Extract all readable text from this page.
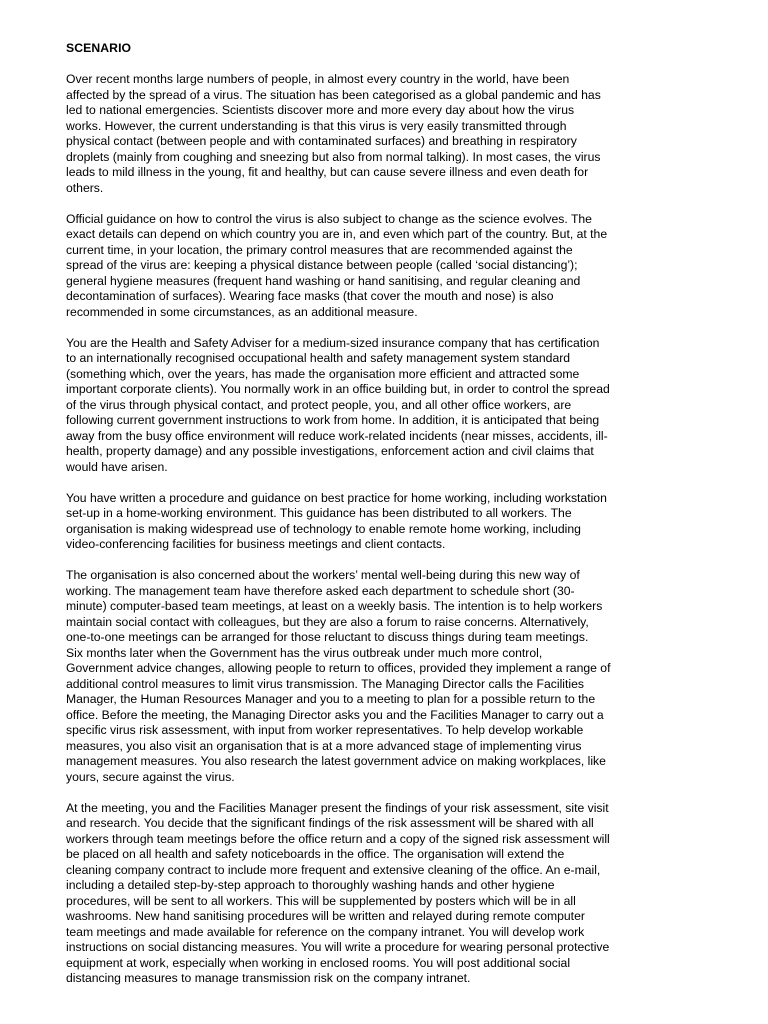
SCENARIO
Over recent months large numbers of people, in almost every country in the world, have been
affected by the spread of a virus. The situation has been categorised as a global pandemic and has
led to national emergencies. Scientists discover more and more every day about how the virus
works. However, the current understanding is that this virus is very easily transmitted through
physical contact (between people and with contaminated surfaces) and breathing in respiratory
droplets (mainly from coughing and sneezing but also from normal talking). In most cases, the virus
leads to mild illness in the young, fit and healthy, but can cause severe illness and even death for
others.
Official guidance on how to control the virus is also subject to change as the science evolves. The
exact details can depend on which country you are in, and even which part of the country. But, at the
current time, in your location, the primary control measures that are recommended against the
spread of the virus are: keeping a physical distance between people (called ‘social distancing’);
general hygiene measures (frequent hand washing or hand sanitising, and regular cleaning and
decontamination of surfaces). Wearing face masks (that cover the mouth and nose) is also
recommended in some circumstances, as an additional measure.
You are the Health and Safety Adviser for a medium-sized insurance company that has certification
to an internationally recognised occupational health and safety management system standard
(something which, over the years, has made the organisation more efficient and attracted some
important corporate clients). You normally work in an office building but, in order to control the spread
of the virus through physical contact, and protect people, you, and all other office workers, are
following current government instructions to work from home. In addition, it is anticipated that being
away from the busy office environment will reduce work-related incidents (near misses, accidents, ill-
health, property damage) and any possible investigations, enforcement action and civil claims that
would have arisen.
You have written a procedure and guidance on best practice for home working, including workstation
set-up in a home-working environment. This guidance has been distributed to all workers. The
organisation is making widespread use of technology to enable remote home working, including
video-conferencing facilities for business meetings and client contacts.
The organisation is also concerned about the workers’ mental well-being during this new way of
working. The management team have therefore asked each department to schedule short (30-
minute) computer-based team meetings, at least on a weekly basis. The intention is to help workers
maintain social contact with colleagues, but they are also a forum to raise concerns. Alternatively,
one-to-one meetings can be arranged for those reluctant to discuss things during team meetings.
Six months later when the Government has the virus outbreak under much more control,
Government advice changes, allowing people to return to offices, provided they implement a range of
additional control measures to limit virus transmission. The Managing Director calls the Facilities
Manager, the Human Resources Manager and you to a meeting to plan for a possible return to the
office. Before the meeting, the Managing Director asks you and the Facilities Manager to carry out a
specific virus risk assessment, with input from worker representatives. To help develop workable
measures, you also visit an organisation that is at a more advanced stage of implementing virus
management measures. You also research the latest government advice on making workplaces, like
yours, secure against the virus.
At the meeting, you and the Facilities Manager present the findings of your risk assessment, site visit
and research. You decide that the significant findings of the risk assessment will be shared with all
workers through team meetings before the office return and a copy of the signed risk assessment will
be placed on all health and safety noticeboards in the office. The organisation will extend the
cleaning company contract to include more frequent and extensive cleaning of the office. An e-mail,
including a detailed step-by-step approach to thoroughly washing hands and other hygiene
procedures, will be sent to all workers. This will be supplemented by posters which will be in all
washrooms. New hand sanitising procedures will be written and relayed during remote computer
team meetings and made available for reference on the company intranet. You will develop work
instructions on social distancing measures. You will write a procedure for wearing personal protective
equipment at work, especially when working in enclosed rooms. You will post additional social
distancing measures to manage transmission risk on the company intranet.
